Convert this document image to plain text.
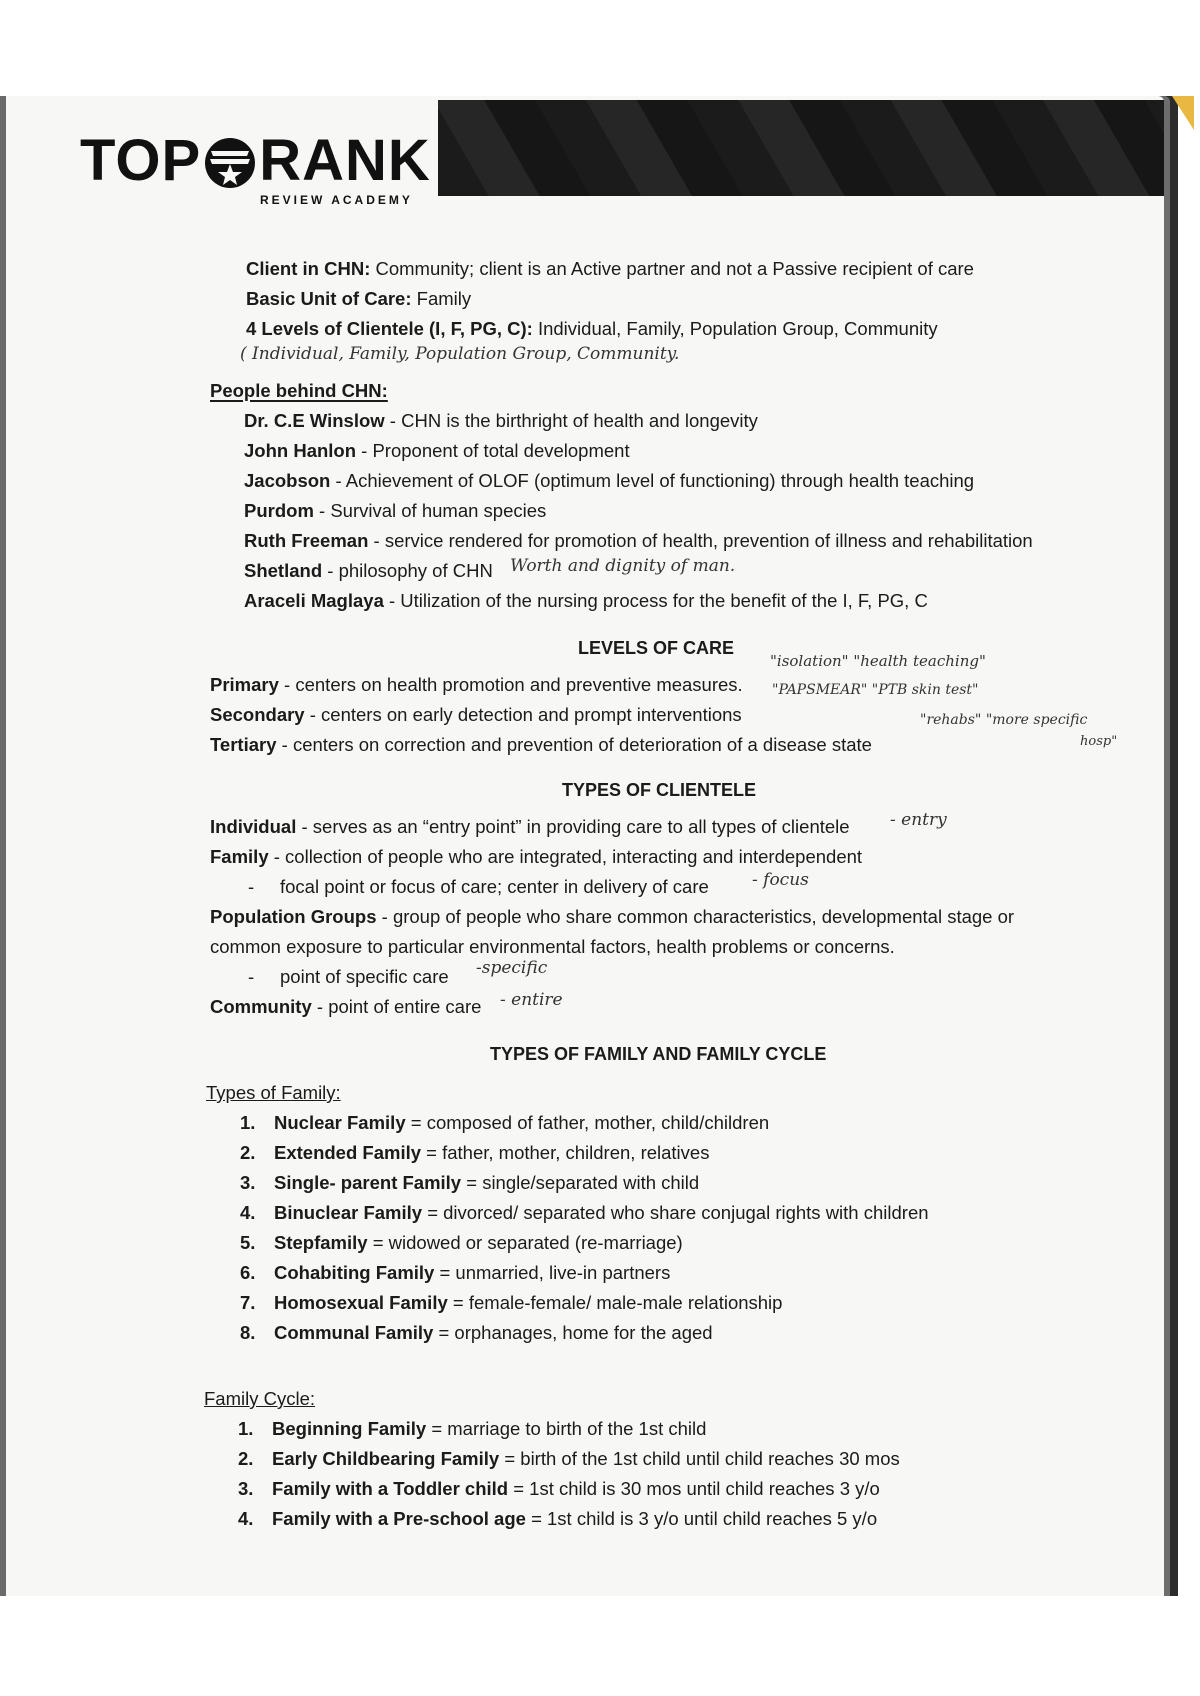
TOP RANK
REVIEW ACADEMY
Client in CHN: Community; client is an Active partner and not a Passive recipient of care
Basic Unit of Care: Family
4 Levels of Clientele (I, F, PG, C): Individual, Family, Population Group, Community
( Individual, Family, Population Group, Community.
People behind CHN:
Dr. C.E Winslow - CHN is the birthright of health and longevity
John Hanlon - Proponent of total development
Jacobson - Achievement of OLOF (optimum level of functioning) through health teaching
Purdom - Survival of human species
Ruth Freeman - service rendered for promotion of health, prevention of illness and rehabilitation
Shetland - philosophy of CHN Worth and dignity of man.
Araceli Maglaya - Utilization of the nursing process for the benefit of the I, F, PG, C
LEVELS OF CARE
Primary - centers on health promotion and preventive measures.
Secondary - centers on early detection and prompt interventions
Tertiary - centers on correction and prevention of deterioration of a disease state
"isolation" "health teaching"
"PAPSMEAR" "PTB skin test"
"rehabs" "more specific
hosp"
TYPES OF CLIENTELE
Individual - serves as an “entry point” in providing care to all types of clientele - entry
Family - collection of people who are integrated, interacting and interdependent
- focal point or focus of care; center in delivery of care	- focus
Population Groups - group of people who share common characteristics, developmental stage or
common exposure to particular environmental factors, health problems or concerns.
- point of specific care -specific
Community - point of entire care - entire
TYPES OF FAMILY AND FAMILY CYCLE
Types of Family:
1. Nuclear Family = composed of father, mother, child/children
2. Extended Family = father, mother, children, relatives
3. Single- parent Family = single/separated with child
4. Binuclear Family = divorced/ separated who share conjugal rights with children
5. Stepfamily = widowed or separated (re-marriage)
6. Cohabiting Family = unmarried, live-in partners
7. Homosexual Family = female-female/ male-male relationship
8. Communal Family = orphanages, home for the aged
Family Cycle:
1. Beginning Family = marriage to birth of the 1st child
2. Early Childbearing Family = birth of the 1st child until child reaches 30 mos
3. Family with a Toddler child = 1st child is 30 mos until child reaches 3 y/o
4. Family with a Pre-school age = 1st child is 3 y/o until child reaches 5 y/o
